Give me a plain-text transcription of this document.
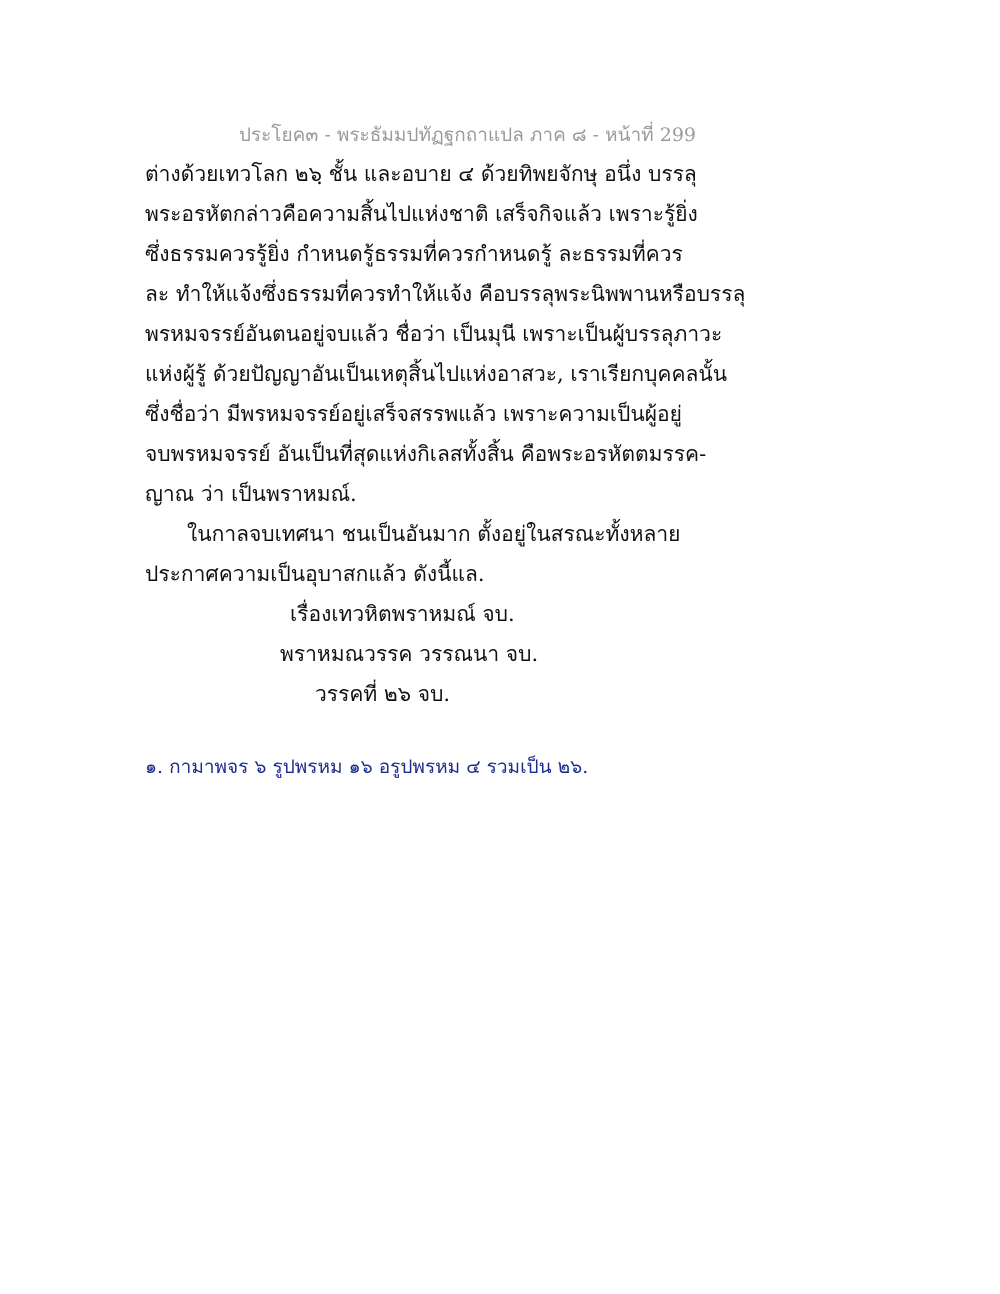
ประโยค๓ - พระธัมมปทัฏฐกถาแปล ภาค ๘ - หน้าที่ 299
ต่างด้วยเทวโลก ๒๖ฺ ชั้น และอบาย ๔ ด้วยทิพยจักษุ อนึ่ง บรรลุ
พระอรหัตกล่าวคือความสิ้นไปแห่งชาติ เสร็จกิจแล้ว เพราะรู้ยิ่ง
ซึ่งธรรมควรรู้ยิ่ง กำหนดรู้ธรรมที่ควรกำหนดรู้ ละธรรมที่ควร
ละ ทำให้แจ้งซึ่งธรรมที่ควรทำให้แจ้ง คือบรรลุพระนิพพานหรือบรรลุ
พรหมจรรย์อันตนอยู่จบแล้ว ชื่อว่า เป็นมุนี เพราะเป็นผู้บรรลุภาวะ
แห่งผู้รู้ ด้วยปัญญาอันเป็นเหตุสิ้นไปแห่งอาสวะ, เราเรียกบุคคลนั้น
ซึ่งชื่อว่า มีพรหมจรรย์อยู่เสร็จสรรพแล้ว เพราะความเป็นผู้อยู่
จบพรหมจรรย์ อันเป็นที่สุดแห่งกิเลสทั้งสิ้น คือพระอรหัตตมรรค-
ญาณ ว่า เป็นพราหมณ์.
ในกาลจบเทศนา ชนเป็นอันมาก ตั้งอยู่ในสรณะทั้งหลาย
ประกาศความเป็นอุบาสกแล้ว ดังนี้แล.
เรื่องเทวหิตพราหมณ์ จบ.
พราหมณวรรค วรรณนา จบ.
วรรคที่ ๒๖ จบ.
๑. กามาพจร ๖ รูปพรหม ๑๖ อรูปพรหม ๔ รวมเป็น ๒๖.
